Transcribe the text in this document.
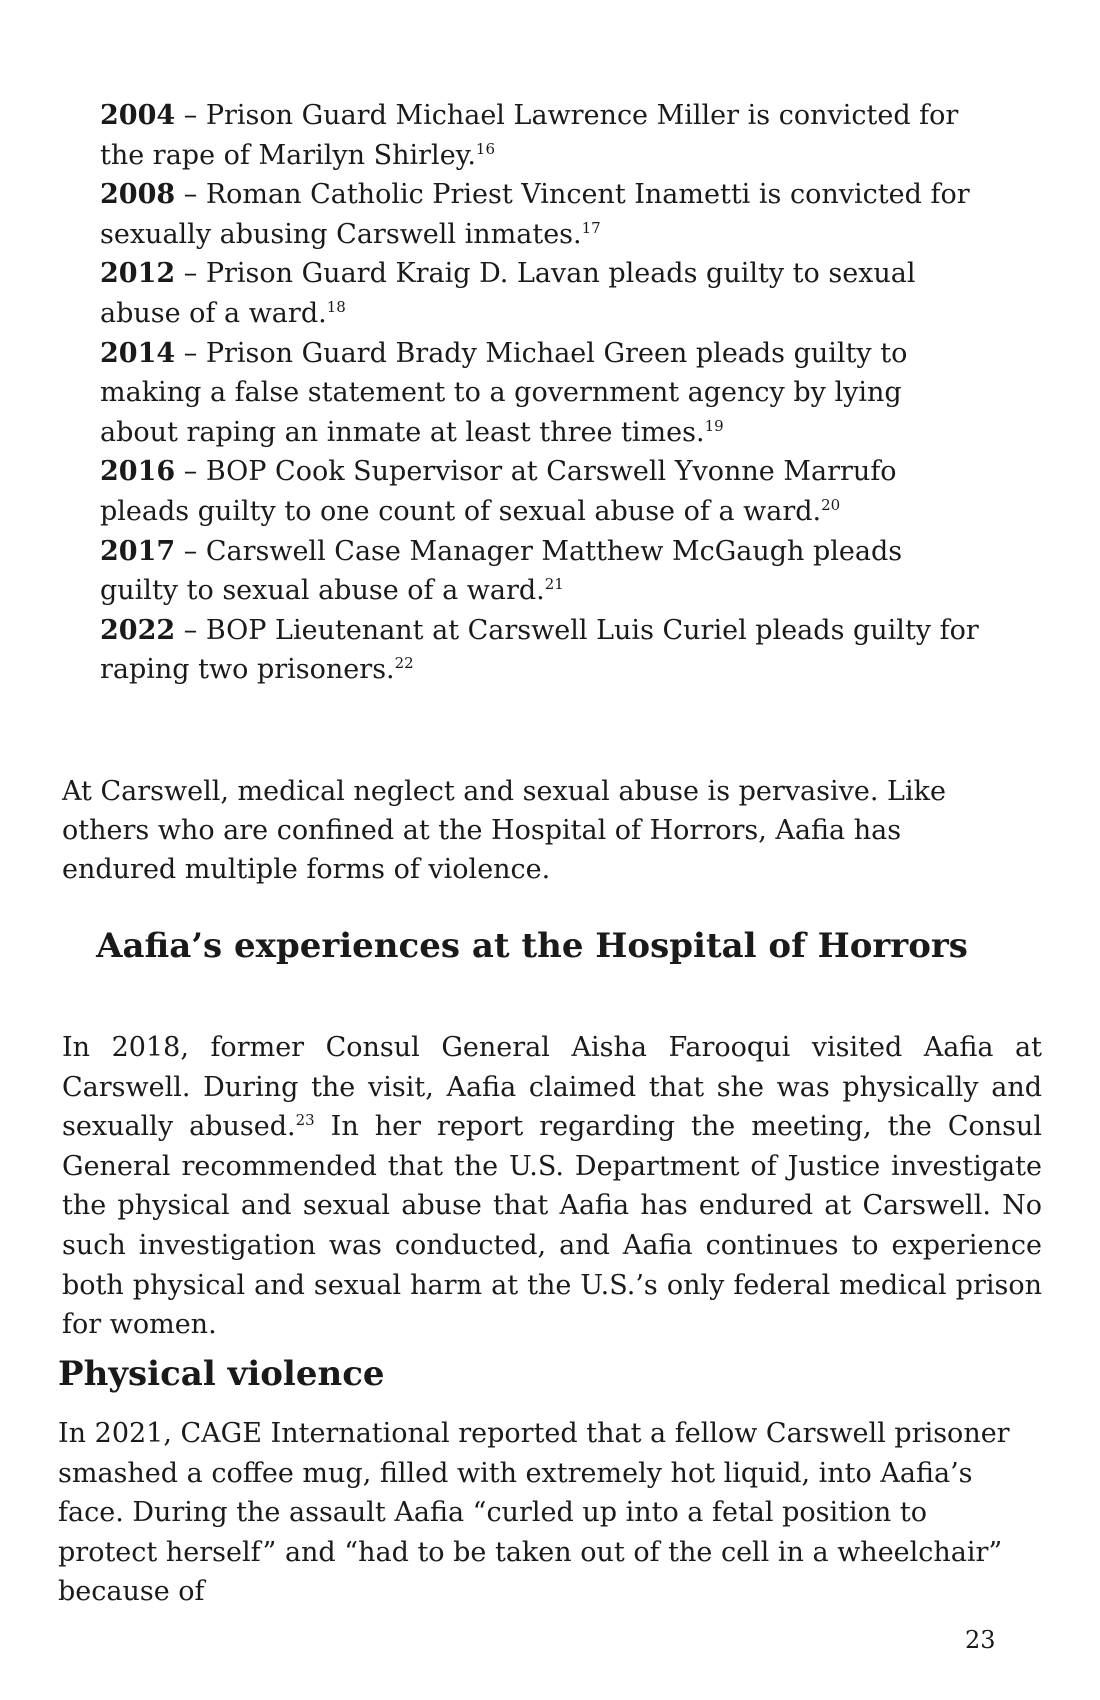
2004 – Prison Guard Michael Lawrence Miller is convicted for the rape of Marilyn Shirley.$^{16}$

2008 – Roman Catholic Priest Vincent Inametti is convicted for sexually abusing Carswell inmates.$^{17}$

2012 – Prison Guard Kraig D. Lavan pleads guilty to sexual abuse of a ward.$^{18}$

2014 – Prison Guard Brady Michael Green pleads guilty to making a false statement to a government agency by lying about raping an inmate at least three times.$^{19}$

2016 – BOP Cook Supervisor at Carswell Yvonne Marrufo pleads guilty to one count of sexual abuse of a ward.$^{20}$

2017 – Carswell Case Manager Matthew McGaugh pleads guilty to sexual abuse of a ward.$^{21}$

2022 – BOP Lieutenant at Carswell Luis Curiel pleads guilty for raping two prisoners.$^{22}$

At Carswell, medical neglect and sexual abuse is pervasive. Like others who are confined at the Hospital of Horrors, Aafia has endured multiple forms of violence.

Aafia’s experiences at the Hospital of Horrors

In 2018, former Consul General Aisha Farooqui visited Aafia at Carswell. During the visit, Aafia claimed that she was physically and sexually abused.$^{23}$ In her report regarding the meeting, the Consul General recommended that the U.S. Department of Justice investigate the physical and sexual abuse that Aafia has endured at Carswell. No such investigation was conducted, and Aafia continues to experience both physical and sexual harm at the U.S.’s only federal medical prison for women.

Physical violence

In 2021, CAGE International reported that a fellow Carswell prisoner smashed a coffee mug, filled with extremely hot liquid, into Aafia’s face. During the assault Aafia “curled up into a fetal position to protect herself” and “had to be taken out of the cell in a wheelchair” because of

23
